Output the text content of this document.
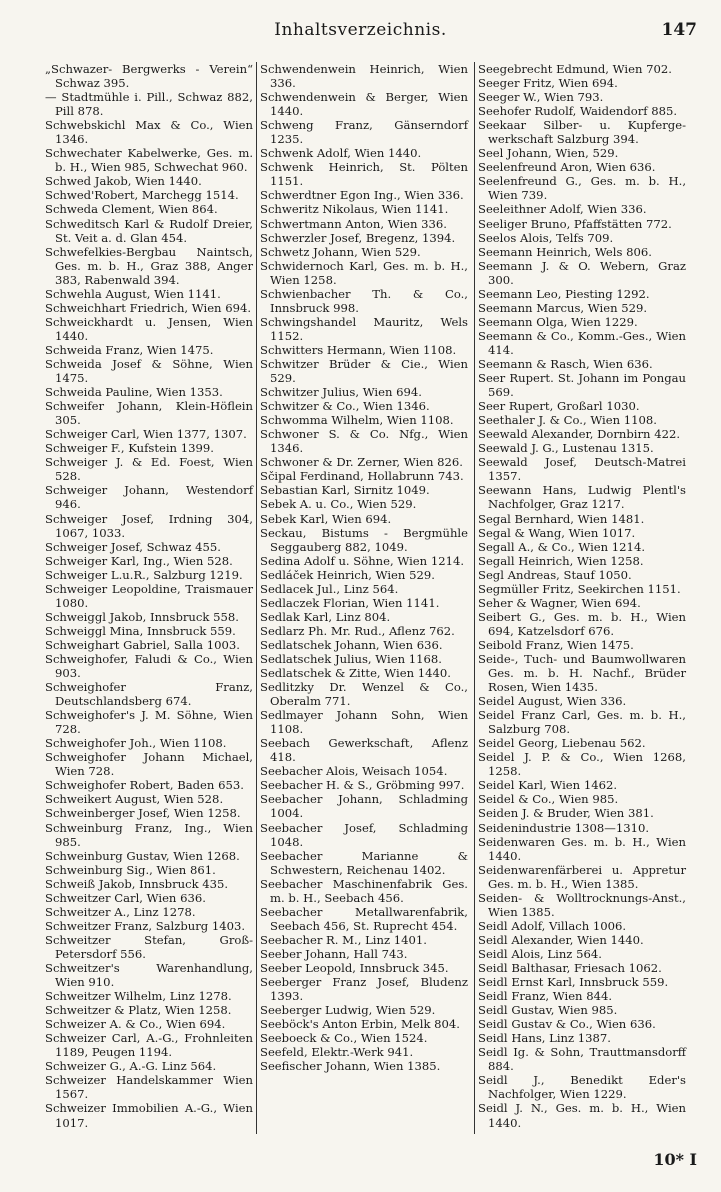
Inhaltsverzeichnis.	147

„Schwazer- Bergwerks - Verein“ Schwaz 395.

— Stadtmühle i. Pill., Schwaz 882, Pill 878.

Schwebskichl Max & Co., Wien 1346.

Schwechater Kabelwerke, Ges. m. b. H., Wien 985, Schwechat 960.

Schwed Jakob, Wien 1440.

Schwed'Robert, Marchegg 1514.

Schweda Clement, Wien 864.

Schweditsch Karl & Rudolf Dreier, St. Veit a. d. Glan 454.

Schwefelkies-Bergbau Naintsch, Ges. m. b. H., Graz 388, Anger 383, Rabenwald 394.

Schwehla August, Wien 1141.

Schweichhart Friedrich, Wien 694.

Schweickhardt u. Jensen, Wien 1440.

Schweida Franz, Wien 1475.

Schweida Josef & Söhne, Wien 1475.

Schweida Pauline, Wien 1353.

Schweifer Johann, Klein-Höflein 305.

Schweiger Carl, Wien 1377, 1307.

Schweiger F., Kufstein 1399.

Schweiger J. & Ed. Foest, Wien 528.

Schweiger Johann, Westendorf 946.

Schweiger Josef, Irdning 304, 1067, 1033.

Schweiger Josef, Schwaz 455.

Schweiger Karl, Ing., Wien 528.

Schweiger L.u.R., Salzburg 1219.

Schweiger Leopoldine, Traismauer 1080.

Schweiggl Jakob, Innsbruck 558.

Schweiggl Mina, Innsbruck 559.

Schweighart Gabriel, Salla 1003.

Schweighofer, Faludi & Co., Wien 903.

Schweighofer Franz, Deutschlandsberg 674.

Schweighofer's J. M. Söhne, Wien 728.

Schweighofer Joh., Wien 1108.

Schweighofer Johann Michael, Wien 728.

Schweighofer Robert, Baden 653.

Schweikert August, Wien 528.

Schweinberger Josef, Wien 1258.

Schweinburg Franz, Ing., Wien 985.

Schweinburg Gustav, Wien 1268.

Schweinburg Sig., Wien 861.

Schweiß Jakob, Innsbruck 435.

Schweitzer Carl, Wien 636.

Schweitzer A., Linz 1278.

Schweitzer Franz, Salzburg 1403.

Schweitzer Stefan, Groß-Petersdorf 556.

Schweitzer's Warenhandlung, Wien 910.

Schweitzer Wilhelm, Linz 1278.

Schweitzer & Platz, Wien 1258.

Schweizer A. & Co., Wien 694.

Schweizer Carl, A.-G., Frohnleiten 1189, Peugen 1194.

Schweizer G., A.-G. Linz 564.

Schweizer Handelskammer Wien 1567.

Schweizer Immobilien A.-G., Wien 1017.

Schwendenwein Heinrich, Wien 336.

Schwendenwein & Berger, Wien 1440.

Schweng Franz, Gänserndorf 1235.

Schwenk Adolf, Wien 1440.

Schwenk Heinrich, St. Pölten 1151.

Schwerdtner Egon Ing., Wien 336.

Schweritz Nikolaus, Wien 1141.

Schwertmann Anton, Wien 336.

Schwerzler Josef, Bregenz, 1394.

Schwetz Johann, Wien 529.

Schwidernoch Karl, Ges. m. b. H., Wien 1258.

Schwienbacher Th. & Co., Innsbruck 998.

Schwingshandel Mauritz, Wels 1152.

Schwitters Hermann, Wien 1108.

Schwitzer Brüder & Cie., Wien 529.

Schwitzer Julius, Wien 694.

Schwitzer & Co., Wien 1346.

Schwomma Wilhelm, Wien 1108.

Schwoner S. & Co. Nfg., Wien 1346.

Schwoner & Dr. Zerner, Wien 826.

Sčipal Ferdinand, Hollabrunn 743.

Sebastian Karl, Sirnitz 1049.

Sebek A. u. Co., Wien 529.

Sebek Karl, Wien 694.

Seckau, Bistums - Bergmühle Seggauberg 882, 1049.

Sedina Adolf u. Söhne, Wien 1214.

Sedláček Heinrich, Wien 529.

Sedlacek Jul., Linz 564.

Sedlaczek Florian, Wien 1141.

Sedlak Karl, Linz 804.

Sedlarz Ph. Mr. Rud., Aflenz 762.

Sedlatschek Johann, Wien 636.

Sedlatschek Julius, Wien 1168.

Sedlatschek & Zitte, Wien 1440.

Sedlitzky Dr. Wenzel & Co., Oberalm 771.

Sedlmayer Johann Sohn, Wien 1108.

Seebach Gewerkschaft, Aflenz 418.

Seebacher Alois, Weisach 1054.

Seebacher H. & S., Gröbming 997.

Seebacher Johann, Schladming 1004.

Seebacher Josef, Schladming 1048.

Seebacher Marianne & Schwestern, Reichenau 1402.

Seebacher Maschinenfabrik Ges. m. b. H., Seebach 456.

Seebacher Metallwarenfabrik, Seebach 456, St. Ruprecht 454.

Seebacher R. M., Linz 1401.

Seeber Johann, Hall 743.

Seeber Leopold, Innsbruck 345.

Seeberger Franz Josef, Bludenz 1393.

Seeberger Ludwig, Wien 529.

Seeböck's Anton Erbin, Melk 804.

Seeboeck & Co., Wien 1524.

Seefeld, Elektr.-Werk 941.

Seefischer Johann, Wien 1385.

Seegebrecht Edmund, Wien 702.

Seeger Fritz, Wien 694.

Seeger W., Wien 793.

Seehofer Rudolf, Waidendorf 885.

Seekaar Silber- u. Kupferge- werkschaft Salzburg 394.

Seel Johann, Wien, 529.

Seelenfreund Aron, Wien 636.

Seelenfreund G., Ges. m. b. H., Wien 739.

Seeleithner Adolf, Wien 336.

Seeliger Bruno, Pfaffstätten 772.

Seelos Alois, Telfs 709.

Seemann Heinrich, Wels 806.

Seemann J. & O. Webern, Graz 300.

Seemann Leo, Piesting 1292.

Seemann Marcus, Wien 529.

Seemann Olga, Wien 1229.

Seemann & Co., Komm.-Ges., Wien 414.

Seemann & Rasch, Wien 636.

Seer Rupert. St. Johann im Pongau 569.

Seer Rupert, Großarl 1030.

Seethaler J. & Co., Wien 1108.

Seewald Alexander, Dornbirn 422.

Seewald J. G., Lustenau 1315.

Seewald Josef, Deutsch-Matrei 1357.

Seewann Hans, Ludwig Plentl's Nachfolger, Graz 1217.

Segal Bernhard, Wien 1481.

Segal & Wang, Wien 1017.

Segall A., & Co., Wien 1214.

Segall Heinrich, Wien 1258.

Segl Andreas, Stauf 1050.

Segmüller Fritz, Seekirchen 1151.

Seher & Wagner, Wien 694.

Seibert G., Ges. m. b. H., Wien 694, Katzelsdorf 676.

Seibold Franz, Wien 1475.

Seide-, Tuch- und Baumwollwaren Ges. m. b. H. Nachf., Brüder Rosen, Wien 1435.

Seidel August, Wien 336.

Seidel Franz Carl, Ges. m. b. H., Salzburg 708.

Seidel Georg, Liebenau 562.

Seidel J. P. & Co., Wien 1268, 1258.

Seidel Karl, Wien 1462.

Seidel & Co., Wien 985.

Seiden J. & Bruder, Wien 381.

Seidenindustrie 1308—1310.

Seidenwaren Ges. m. b. H., Wien 1440.

Seidenwarenfärberei u. Appretur Ges. m. b. H., Wien 1385.

Seiden- & Wolltrocknungs-Anst., Wien 1385.

Seidl Adolf, Villach 1006.

Seidl Alexander, Wien 1440.

Seidl Alois, Linz 564.

Seidl Balthasar, Friesach 1062.

Seidl Ernst Karl, Innsbruck 559.

Seidl Franz, Wien 844.

Seidl Gustav, Wien 985.

Seidl Gustav & Co., Wien 636.

Seidl Hans, Linz 1387.

Seidl Ig. & Sohn, Trauttmansdorff 884.

Seidl J., Benedikt Eder's Nachfolger, Wien 1229.

Seidl J. N., Ges. m. b. H., Wien 1440.

10* I
